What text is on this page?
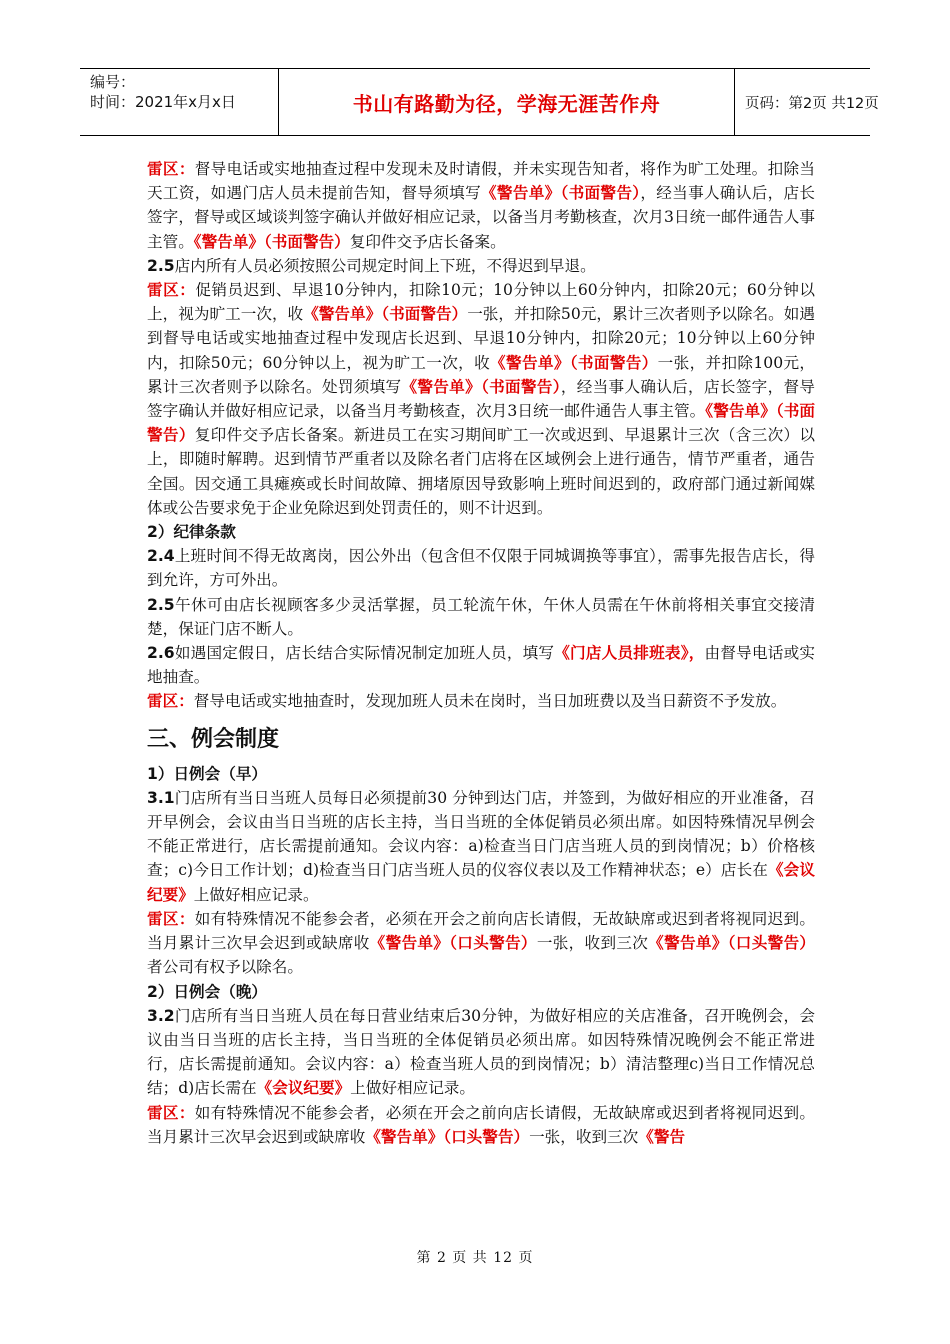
编号：
时间：2021年x月x日	书山有路勤为径，学海无涯苦作舟	页码：第2页 共12页

雷区：督导电话或实地抽查过程中发现未及时请假，并未实现告知者，将作为旷工处理。扣除当天工资，如遇门店人员未提前告知，督导须填写《警告单》（书面警告），经当事人确认后，店长签字，督导或区域谈判签字确认并做好相应记录，以备当月考勤核查，次月3日统一邮件通告人事主管。《警告单》（书面警告）复印件交予店长备案。

2.5店内所有人员必须按照公司规定时间上下班，不得迟到早退。

雷区：促销员迟到、早退10分钟内，扣除10元；10分钟以上60分钟内，扣除20元；60分钟以上，视为旷工一次，收《警告单》（书面警告）一张，并扣除50元，累计三次者则予以除名。如遇到督导电话或实地抽查过程中发现店长迟到、早退10分钟内，扣除20元；10分钟以上60分钟内，扣除50元；60分钟以上，视为旷工一次，收《警告单》（书面警告）一张，并扣除100元，累计三次者则予以除名。处罚须填写《警告单》（书面警告），经当事人确认后，店长签字，督导签字确认并做好相应记录，以备当月考勤核查，次月3日统一邮件通告人事主管。《警告单》（书面警告）复印件交予店长备案。新进员工在实习期间旷工一次或迟到、早退累计三次（含三次）以上，即随时解聘。迟到情节严重者以及除名者门店将在区域例会上进行通告，情节严重者，通告全国。因交通工具瘫痪或长时间故障、拥堵原因导致影响上班时间迟到的，政府部门通过新闻媒体或公告要求免于企业免除迟到处罚责任的，则不计迟到。

2）纪律条款

2.4上班时间不得无故离岗，因公外出（包含但不仅限于同城调换等事宜），需事先报告店长，得到允许，方可外出。

2.5午休可由店长视顾客多少灵活掌握，员工轮流午休，午休人员需在午休前将相关事宜交接清楚，保证门店不断人。

2.6如遇国定假日，店长结合实际情况制定加班人员，填写《门店人员排班表》，由督导电话或实地抽查。

雷区：督导电话或实地抽查时，发现加班人员未在岗时，当日加班费以及当日薪资不予发放。

三、例会制度

1）日例会（早）

3.1门店所有当日当班人员每日必须提前30 分钟到达门店，并签到，为做好相应的开业准备，召开早例会，会议由当日当班的店长主持，当日当班的全体促销员必须出席。如因特殊情况早例会不能正常进行，店长需提前通知。会议内容：a)检查当日门店当班人员的到岗情况；b）价格核查；c)今日工作计划；d)检查当日门店当班人员的仪容仪表以及工作精神状态；e）店长在《会议纪要》上做好相应记录。

雷区：如有特殊情况不能参会者，必须在开会之前向店长请假，无故缺席或迟到者将视同迟到。当月累计三次早会迟到或缺席收《警告单》（口头警告）一张，收到三次《警告单》（口头警告）者公司有权予以除名。

2）日例会（晚）

3.2门店所有当日当班人员在每日营业结束后30分钟，为做好相应的关店准备，召开晚例会，会议由当日当班的店长主持，当日当班的全体促销员必须出席。如因特殊情况晚例会不能正常进行，店长需提前通知。会议内容：a）检查当班人员的到岗情况；b）清洁整理c)当日工作情况总结；d)店长需在《会议纪要》上做好相应记录。

雷区：如有特殊情况不能参会者，必须在开会之前向店长请假，无故缺席或迟到者将视同迟到。当月累计三次早会迟到或缺席收《警告单》（口头警告）一张，收到三次《警告

第 2 页 共 12 页
